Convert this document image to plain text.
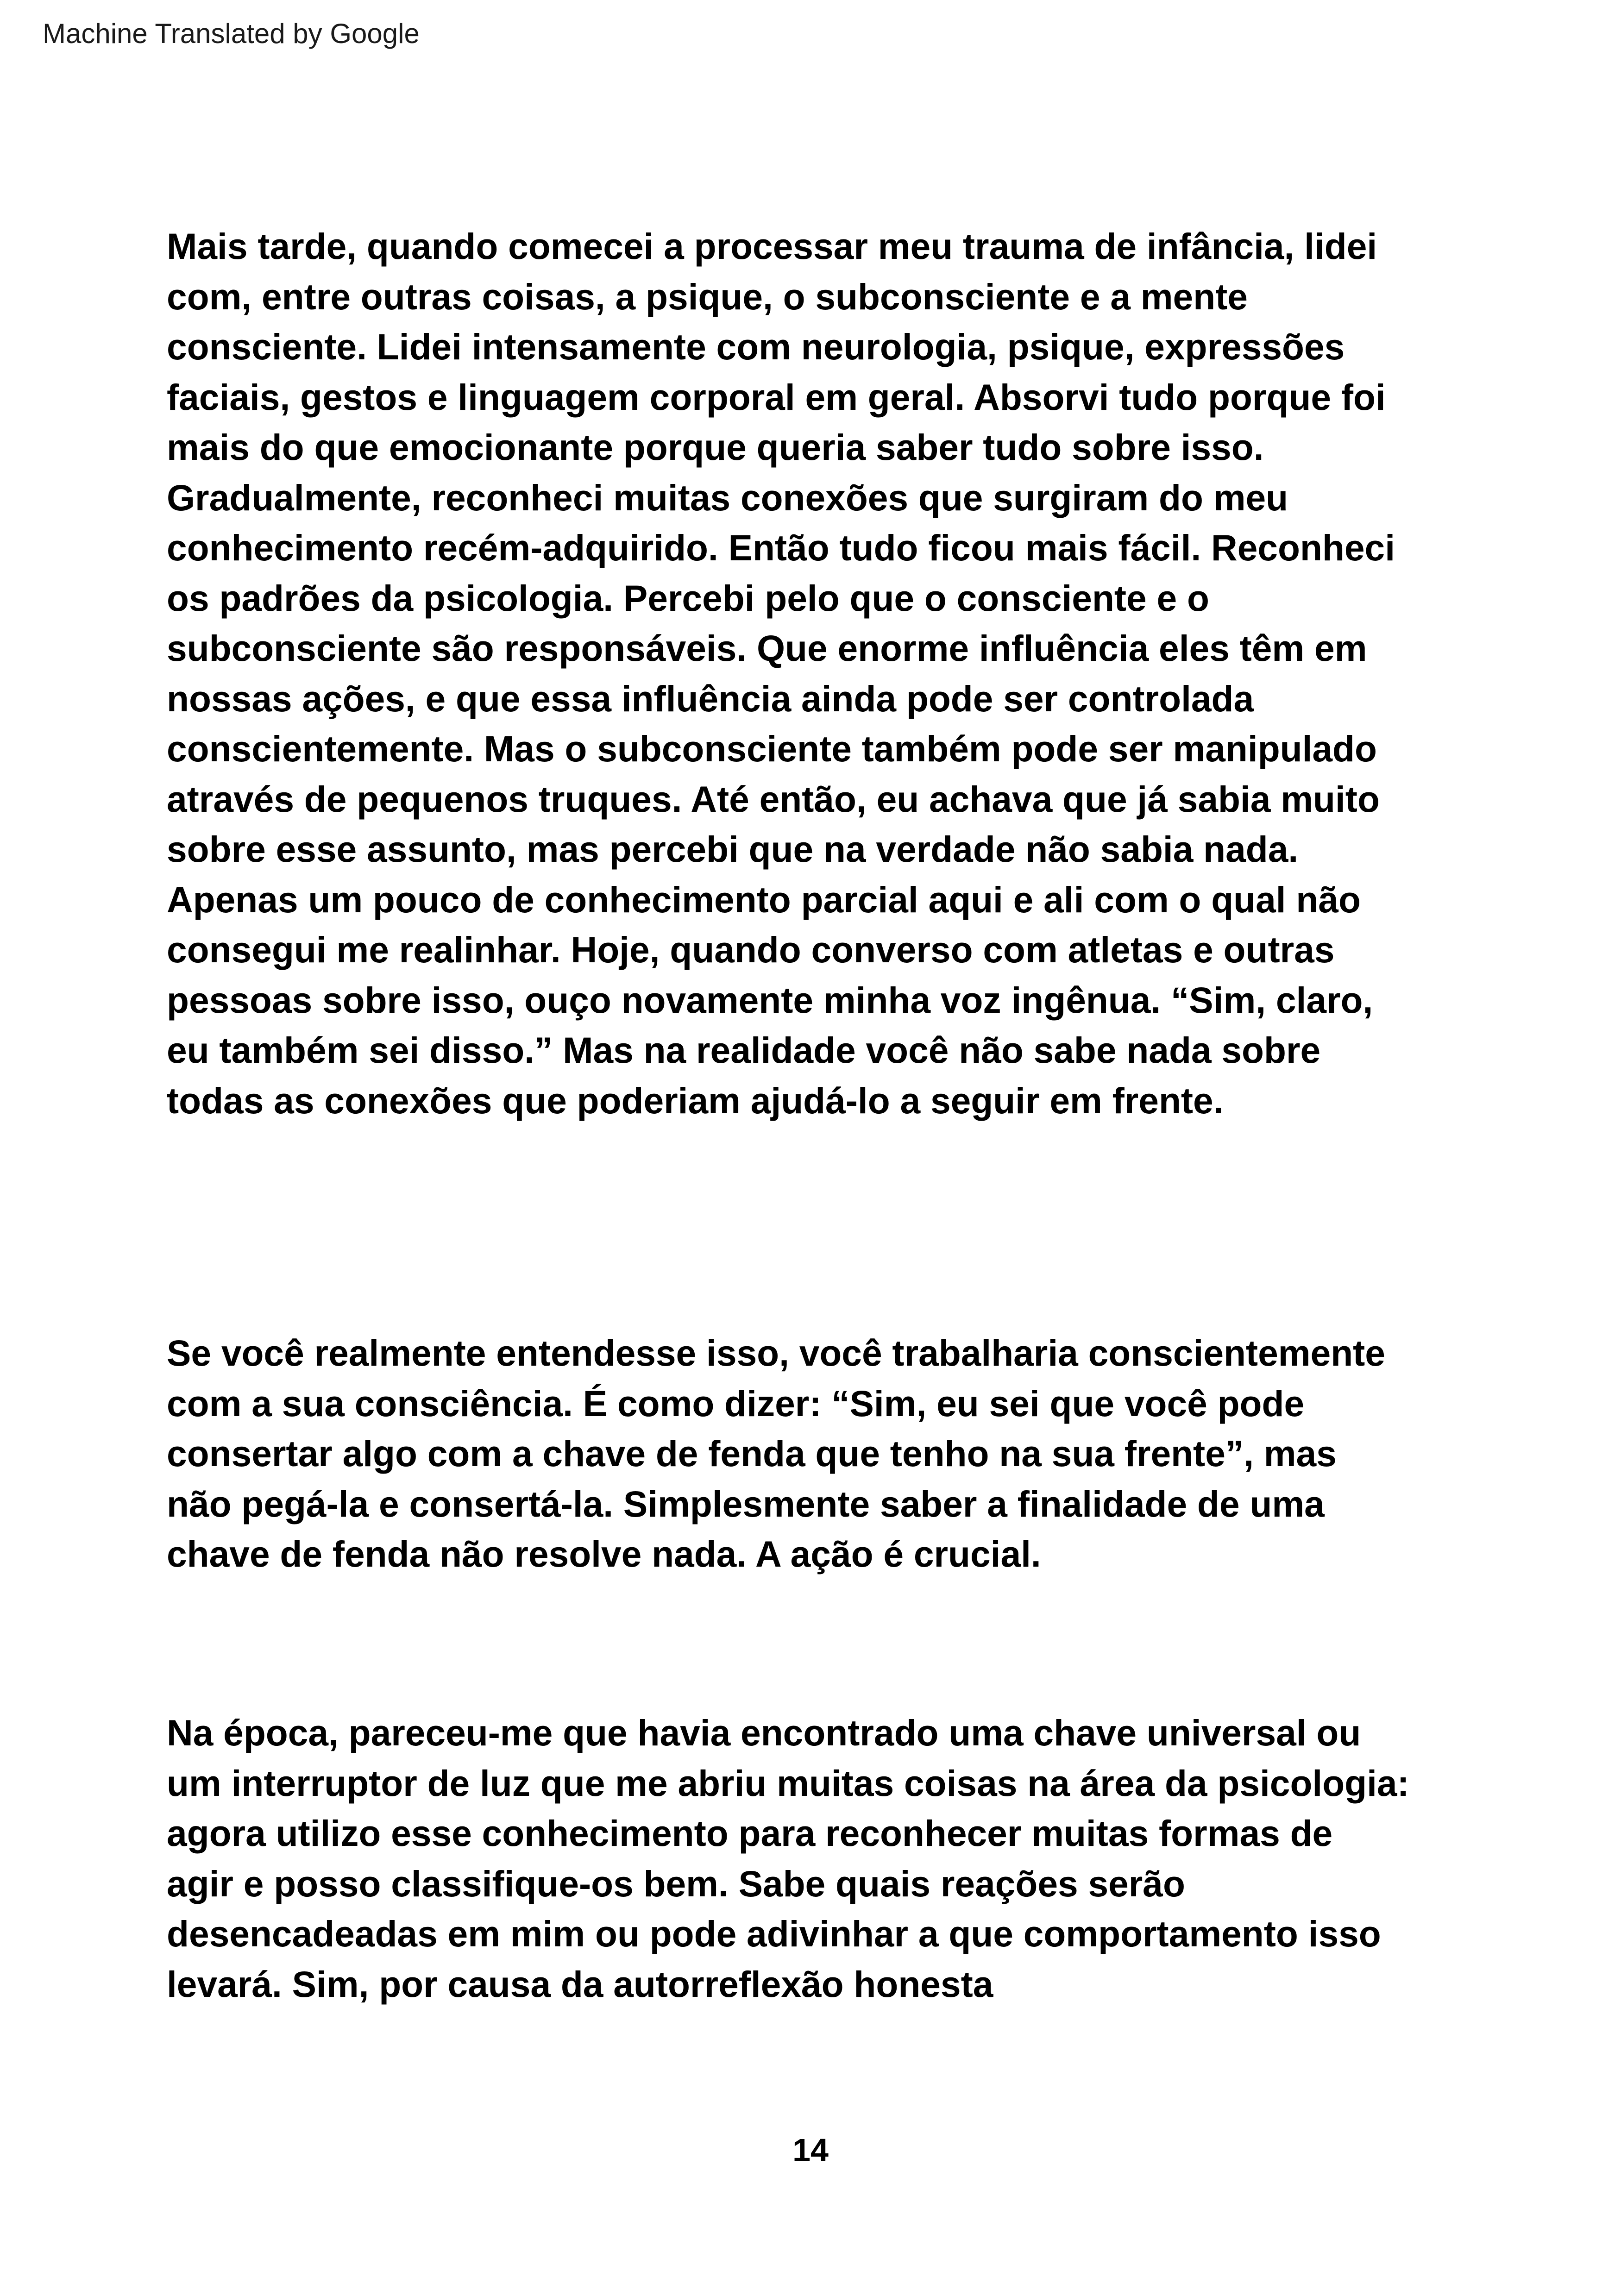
Machine Translated by Google
Mais tarde, quando comecei a processar meu trauma de infância, lidei
com, entre outras coisas, a psique, o subconsciente e a mente
consciente. Lidei intensamente com neurologia, psique, expressões
faciais, gestos e linguagem corporal em geral. Absorvi tudo porque foi
mais do que emocionante porque queria saber tudo sobre isso.
Gradualmente, reconheci muitas conexões que surgiram do meu
conhecimento recém-adquirido. Então tudo ficou mais fácil. Reconheci
os padrões da psicologia. Percebi pelo que o consciente e o
subconsciente são responsáveis. Que enorme influência eles têm em
nossas ações, e que essa influência ainda pode ser controlada
conscientemente. Mas o subconsciente também pode ser manipulado
através de pequenos truques. Até então, eu achava que já sabia muito
sobre esse assunto, mas percebi que na verdade não sabia nada.
Apenas um pouco de conhecimento parcial aqui e ali com o qual não
consegui me realinhar. Hoje, quando converso com atletas e outras
pessoas sobre isso, ouço novamente minha voz ingênua. “Sim, claro,
eu também sei disso.” Mas na realidade você não sabe nada sobre
todas as conexões que poderiam ajudá-lo a seguir em frente.
Se você realmente entendesse isso, você trabalharia conscientemente
com a sua consciência. É como dizer: “Sim, eu sei que você pode
consertar algo com a chave de fenda que tenho na sua frente”, mas
não pegá-la e consertá-la. Simplesmente saber a finalidade de uma
chave de fenda não resolve nada. A ação é crucial.
Na época, pareceu-me que havia encontrado uma chave universal ou
um interruptor de luz que me abriu muitas coisas na área da psicologia:
agora utilizo esse conhecimento para reconhecer muitas formas de
agir e posso classifique-os bem. Sabe quais reações serão
desencadeadas em mim ou pode adivinhar a que comportamento isso
levará. Sim, por causa da autorreflexão honesta
14
